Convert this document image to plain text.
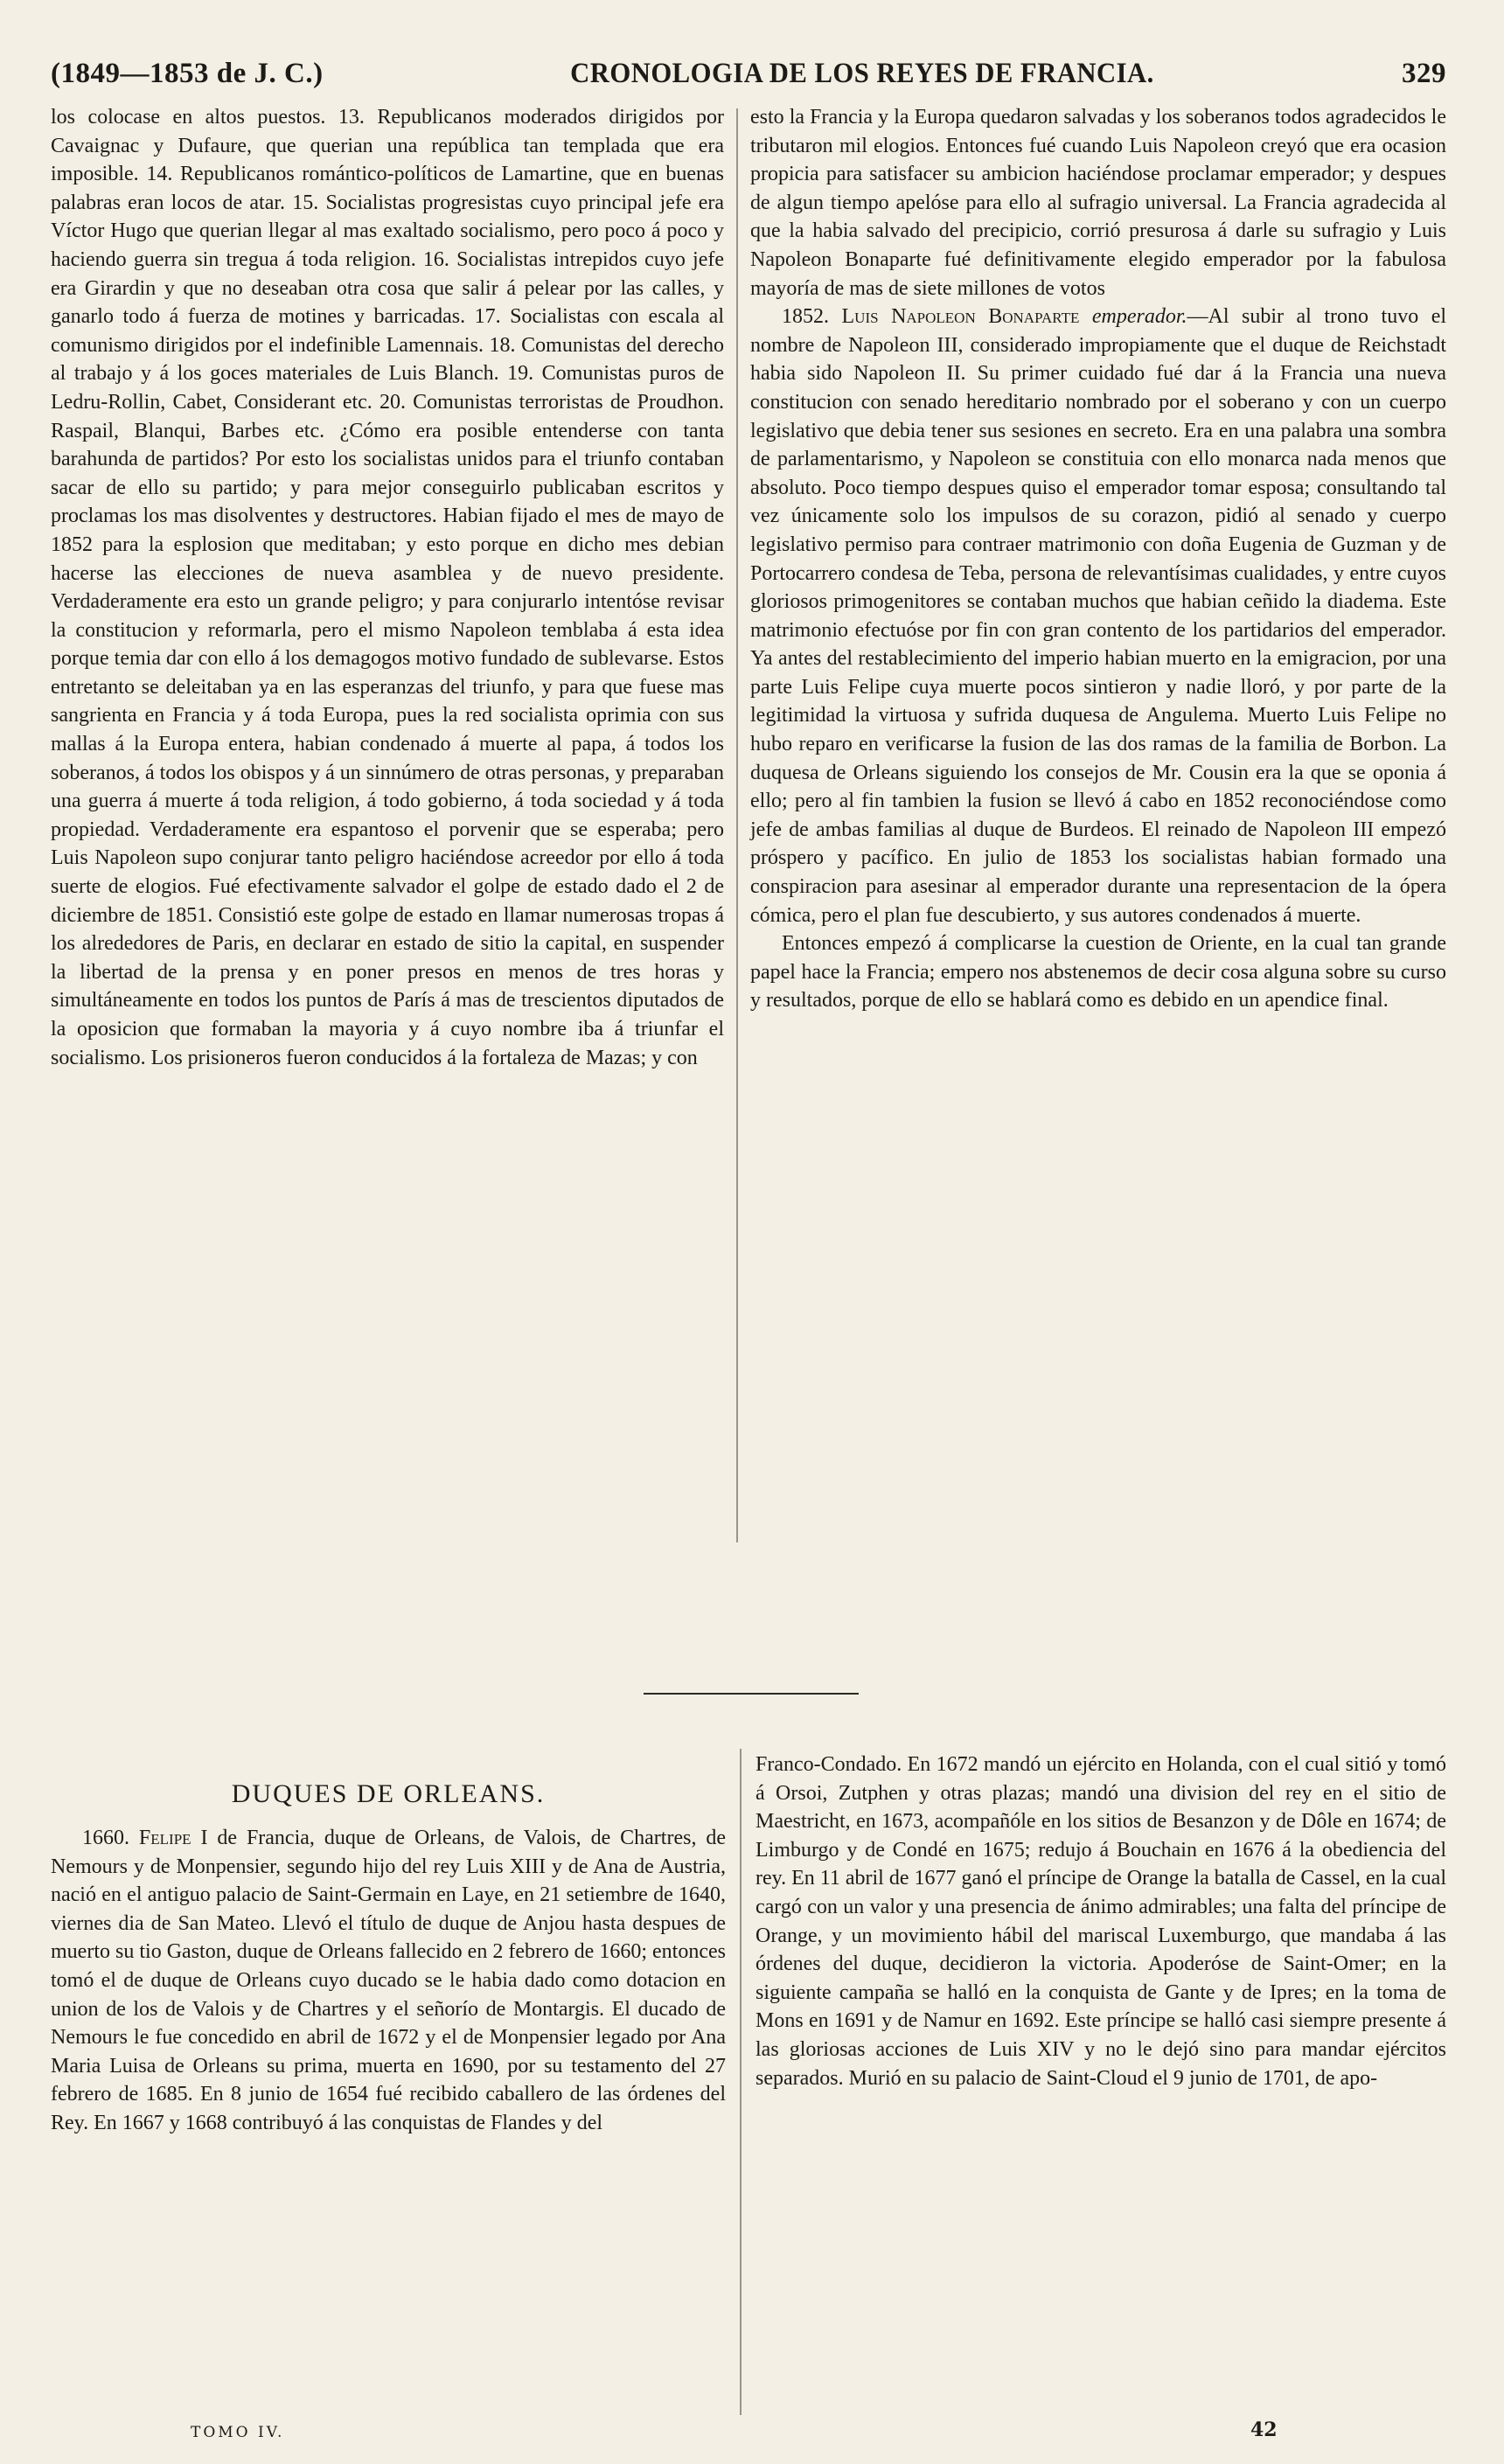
(1849—1853 de J. C.)	CRONOLOGIA DE LOS REYES DE FRANCIA.	329

los colocase en altos puestos. 13. Republicanos moderados dirigidos por Cavaignac y Dufaure, que querian una república tan templada que era imposible. 14. Republicanos romántico-políticos de Lamartine, que en buenas palabras eran locos de atar. 15. Socialistas progresistas cuyo principal jefe era Víctor Hugo que querian llegar al mas exaltado socialismo, pero poco á poco y haciendo guerra sin tregua á toda religion. 16. Socialistas intrepidos cuyo jefe era Girardin y que no deseaban otra cosa que salir á pelear por las calles, y ganarlo todo á fuerza de motines y barricadas. 17. Socialistas con escala al comunismo dirigidos por el indefinible Lamennais. 18. Comunistas del derecho al trabajo y á los goces materiales de Luis Blanch. 19. Comunistas puros de Ledru-Rollin, Cabet, Considerant etc. 20. Comunistas terroristas de Proudhon. Raspail, Blanqui, Barbes etc. ¿Cómo era posible entenderse con tanta barahunda de partidos? Por esto los socialistas unidos para el triunfo contaban sacar de ello su partido; y para mejor conseguirlo publicaban escritos y proclamas los mas disolventes y destructores. Habian fijado el mes de mayo de 1852 para la esplosion que meditaban; y esto porque en dicho mes debian hacerse las elecciones de nueva asamblea y de nuevo presidente. Verdaderamente era esto un grande peligro; y para conjurarlo intentóse revisar la constitucion y reformarla, pero el mismo Napoleon temblaba á esta idea porque temia dar con ello á los demagogos motivo fundado de sublevarse. Estos entretanto se deleitaban ya en las esperanzas del triunfo, y para que fuese mas sangrienta en Francia y á toda Europa, pues la red socialista oprimia con sus mallas á la Europa entera, habian condenado á muerte al papa, á todos los soberanos, á todos los obispos y á un sinnúmero de otras personas, y preparaban una guerra á muerte á toda religion, á todo gobierno, á toda sociedad y á toda propiedad. Verdaderamente era espantoso el porvenir que se esperaba; pero Luis Napoleon supo conjurar tanto peligro haciéndose acreedor por ello á toda suerte de elogios. Fué efectivamente salvador el golpe de estado dado el 2 de diciembre de 1851. Consistió este golpe de estado en llamar numerosas tropas á los alrededores de Paris, en declarar en estado de sitio la capital, en suspender la libertad de la prensa y en poner presos en menos de tres horas y simultáneamente en todos los puntos de París á mas de trescientos diputados de la oposicion que formaban la mayoria y á cuyo nombre iba á triunfar el socialismo. Los prisioneros fueron conducidos á la fortaleza de Mazas; y con

esto la Francia y la Europa quedaron salvadas y los soberanos todos agradecidos le tributaron mil elogios. Entonces fué cuando Luis Napoleon creyó que era ocasion propicia para satisfacer su ambicion haciéndose proclamar emperador; y despues de algun tiempo apelóse para ello al sufragio universal. La Francia agradecida al que la habia salvado del precipicio, corrió presurosa á darle su sufragio y Luis Napoleon Bonaparte fué definitivamente elegido emperador por la fabulosa mayoría de mas de siete millones de votos

1852. Luis Napoleon Bonaparte emperador.—Al subir al trono tuvo el nombre de Napoleon III, considerado impropiamente que el duque de Reichstadt habia sido Napoleon II. Su primer cuidado fué dar á la Francia una nueva constitucion con senado hereditario nombrado por el soberano y con un cuerpo legislativo que debia tener sus sesiones en secreto. Era en una palabra una sombra de parlamentarismo, y Napoleon se constituia con ello monarca nada menos que absoluto. Poco tiempo despues quiso el emperador tomar esposa; consultando tal vez únicamente solo los impulsos de su corazon, pidió al senado y cuerpo legislativo permiso para contraer matrimonio con doña Eugenia de Guzman y de Portocarrero condesa de Teba, persona de relevantísimas cualidades, y entre cuyos gloriosos primogenitores se contaban muchos que habian ceñido la diadema. Este matrimonio efectuóse por fin con gran contento de los partidarios del emperador. Ya antes del restablecimiento del imperio habian muerto en la emigracion, por una parte Luis Felipe cuya muerte pocos sintieron y nadie lloró, y por parte de la legitimidad la virtuosa y sufrida duquesa de Angulema. Muerto Luis Felipe no hubo reparo en verificarse la fusion de las dos ramas de la familia de Borbon. La duquesa de Orleans siguiendo los consejos de Mr. Cousin era la que se oponia á ello; pero al fin tambien la fusion se llevó á cabo en 1852 reconociéndose como jefe de ambas familias al duque de Burdeos. El reinado de Napoleon III empezó próspero y pacífico. En julio de 1853 los socialistas habian formado una conspiracion para asesinar al emperador durante una representacion de la ópera cómica, pero el plan fue descubierto, y sus autores condenados á muerte.

Entonces empezó á complicarse la cuestion de Oriente, en la cual tan grande papel hace la Francia; empero nos abstenemos de decir cosa alguna sobre su curso y resultados, porque de ello se hablará como es debido en un apendice final.

DUQUES DE ORLEANS.

1660. Felipe I de Francia, duque de Orleans, de Valois, de Chartres, de Nemours y de Monpensier, segundo hijo del rey Luis XIII y de Ana de Austria, nació en el antiguo palacio de Saint-Germain en Laye, en 21 setiembre de 1640, viernes dia de San Mateo. Llevó el título de duque de Anjou hasta despues de muerto su tio Gaston, duque de Orleans fallecido en 2 febrero de 1660; entonces tomó el de duque de Orleans cuyo ducado se le habia dado como dotacion en union de los de Valois y de Chartres y el señorío de Montargis. El ducado de Nemours le fue concedido en abril de 1672 y el de Monpensier legado por Ana Maria Luisa de Orleans su prima, muerta en 1690, por su testamento del 27 febrero de 1685. En 8 junio de 1654 fué recibido caballero de las órdenes del Rey. En 1667 y 1668 contribuyó á las conquistas de Flandes y del

Franco-Condado. En 1672 mandó un ejército en Holanda, con el cual sitió y tomó á Orsoi, Zutphen y otras plazas; mandó una division del rey en el sitio de Maestricht, en 1673, acompañóle en los sitios de Besanzon y de Dôle en 1674; de Limburgo y de Condé en 1675; redujo á Bouchain en 1676 á la obediencia del rey. En 11 abril de 1677 ganó el príncipe de Orange la batalla de Cassel, en la cual cargó con un valor y una presencia de ánimo admirables; una falta del príncipe de Orange, y un movimiento hábil del mariscal Luxemburgo, que mandaba á las órdenes del duque, decidieron la victoria. Apoderóse de Saint-Omer; en la siguiente campaña se halló en la conquista de Gante y de Ipres; en la toma de Mons en 1691 y de Namur en 1692. Este príncipe se halló casi siempre presente á las gloriosas acciones de Luis XIV y no le dejó sino para mandar ejércitos separados. Murió en su palacio de Saint-Cloud el 9 junio de 1701, de apo-

TOMO IV.	42
